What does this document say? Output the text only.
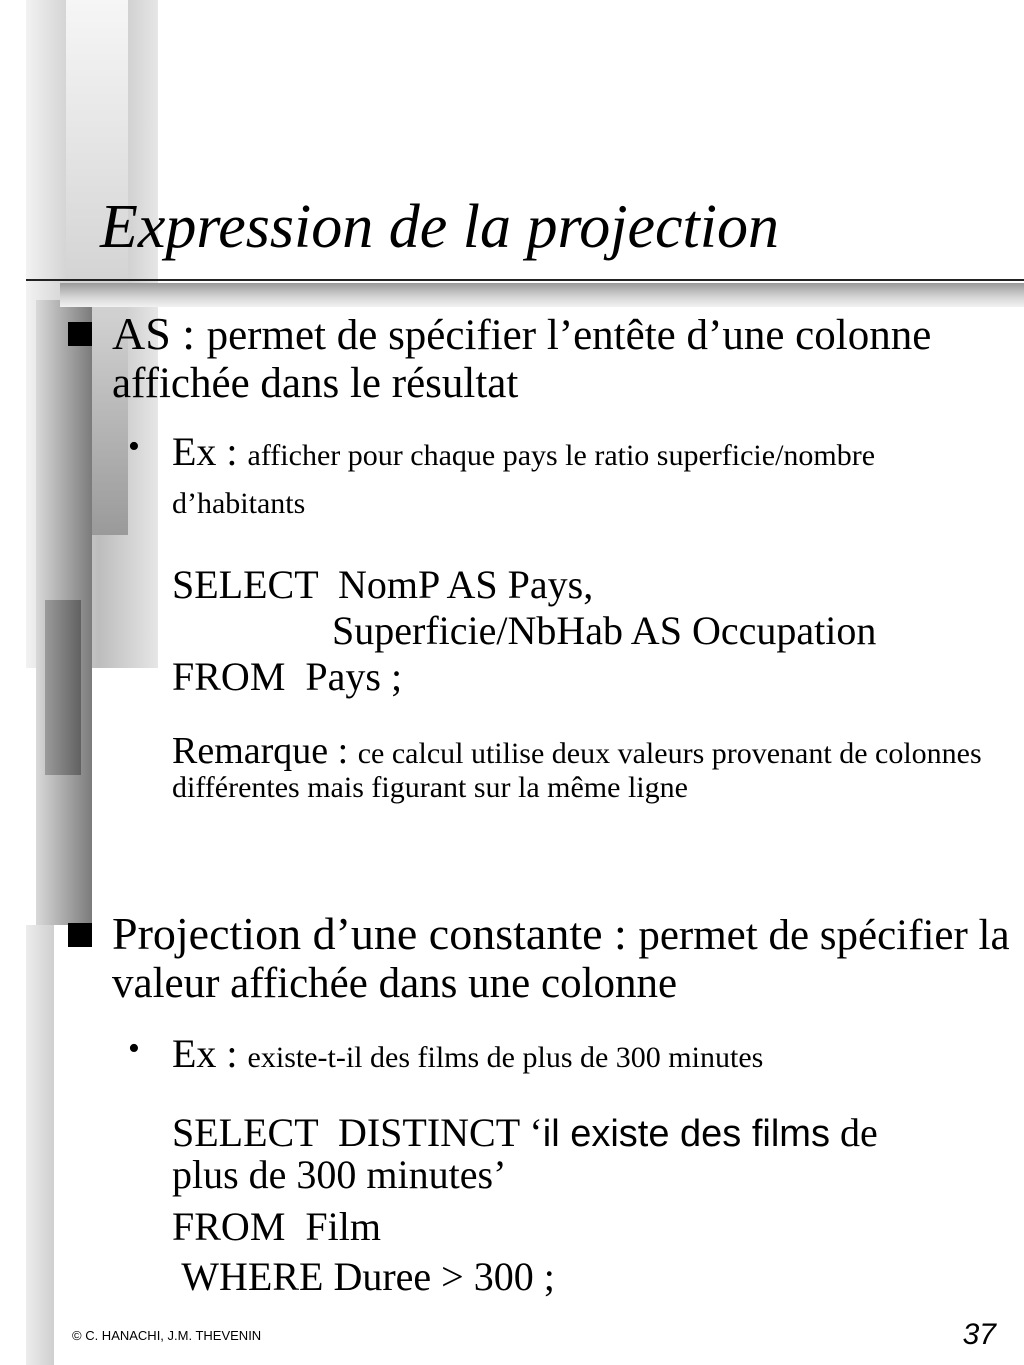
Expression de la projection
AS : permet de spécifier l’entête d’une colonne affichée dans le résultat
• Ex : afficher pour chaque pays le ratio superficie/nombre d’habitants
SELECT  NomP AS Pays,
Superficie/NbHab AS Occupation
FROM  Pays ;
Remarque : ce calcul utilise deux valeurs provenant de colonnes différentes mais figurant sur la même ligne
Projection d’une constante : permet de spécifier la valeur affichée dans une colonne
• Ex : existe-t-il des films de plus de 300 minutes
SELECT  DISTINCT ‘il existe des films de
plus de 300 minutes’
FROM  Film
WHERE Duree > 300 ;
© C. HANACHI, J.M. THEVENIN	37
